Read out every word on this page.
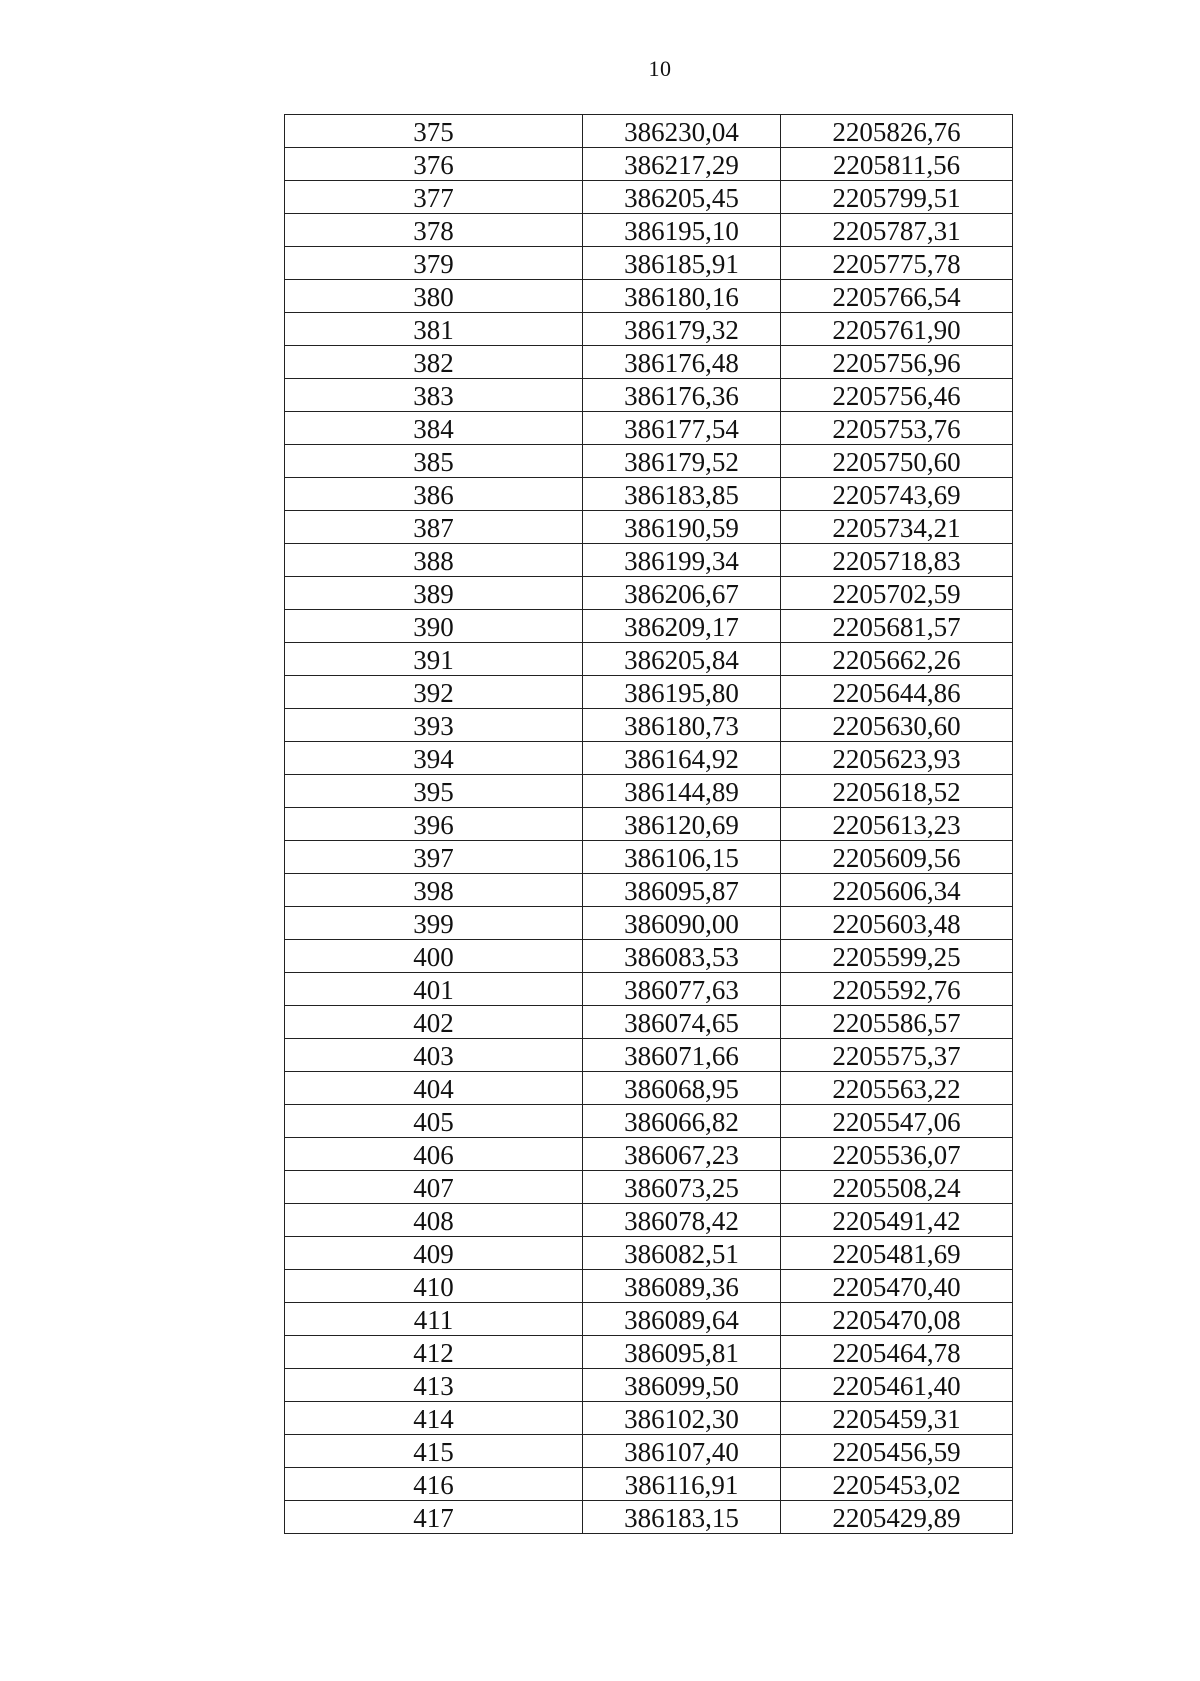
10
375	386230,04	2205826,76
376	386217,29	2205811,56
377	386205,45	2205799,51
378	386195,10	2205787,31
379	386185,91	2205775,78
380	386180,16	2205766,54
381	386179,32	2205761,90
382	386176,48	2205756,96
383	386176,36	2205756,46
384	386177,54	2205753,76
385	386179,52	2205750,60
386	386183,85	2205743,69
387	386190,59	2205734,21
388	386199,34	2205718,83
389	386206,67	2205702,59
390	386209,17	2205681,57
391	386205,84	2205662,26
392	386195,80	2205644,86
393	386180,73	2205630,60
394	386164,92	2205623,93
395	386144,89	2205618,52
396	386120,69	2205613,23
397	386106,15	2205609,56
398	386095,87	2205606,34
399	386090,00	2205603,48
400	386083,53	2205599,25
401	386077,63	2205592,76
402	386074,65	2205586,57
403	386071,66	2205575,37
404	386068,95	2205563,22
405	386066,82	2205547,06
406	386067,23	2205536,07
407	386073,25	2205508,24
408	386078,42	2205491,42
409	386082,51	2205481,69
410	386089,36	2205470,40
411	386089,64	2205470,08
412	386095,81	2205464,78
413	386099,50	2205461,40
414	386102,30	2205459,31
415	386107,40	2205456,59
416	386116,91	2205453,02
417	386183,15	2205429,89
